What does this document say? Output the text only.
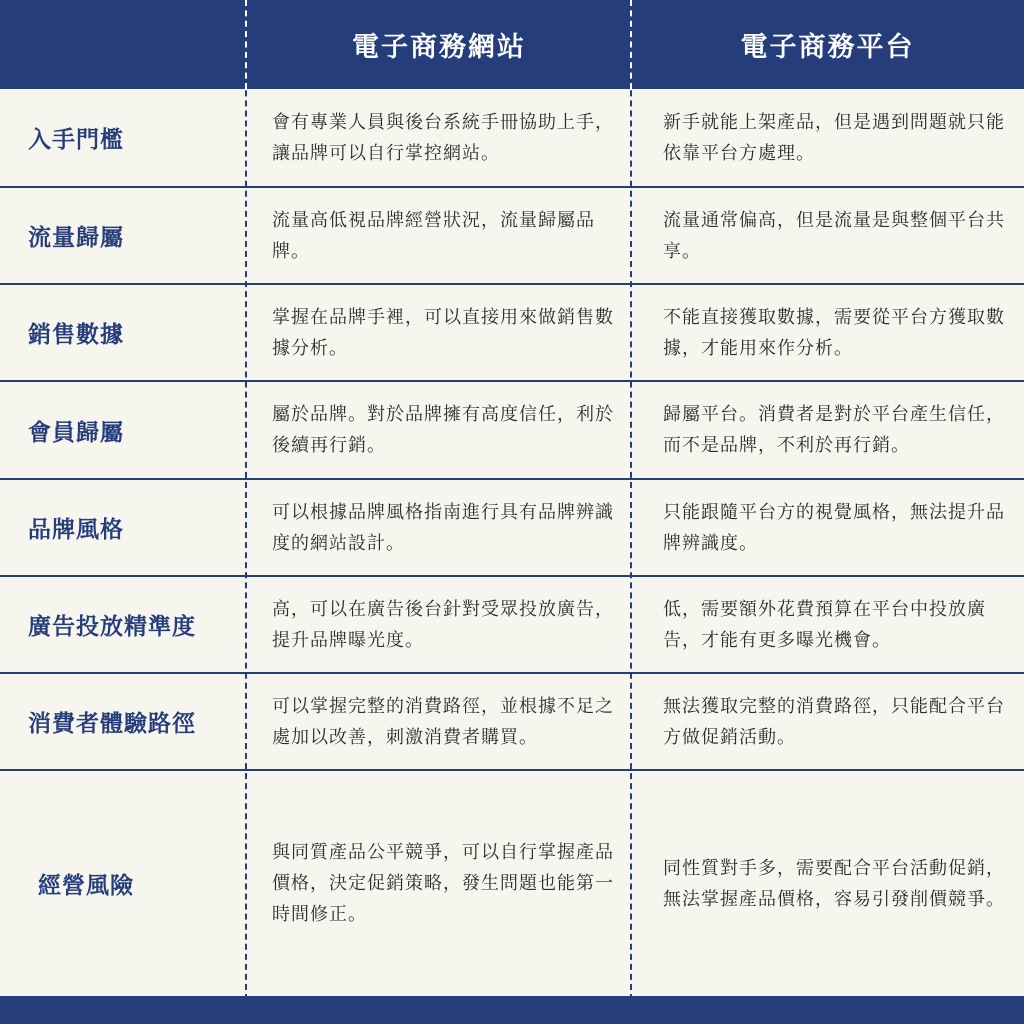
電子商務網站	電子商務平台
入手門檻
會有專業人員與後台系統手冊協助上手，讓品牌可以自行掌控網站。
新手就能上架產品，但是遇到問題就只能依靠平台方處理。
流量歸屬
流量高低視品牌經營狀況，流量歸屬品牌。
流量通常偏高，但是流量是與整個平台共享。
銷售數據
掌握在品牌手裡，可以直接用來做銷售數據分析。
不能直接獲取數據，需要從平台方獲取數據，才能用來作分析。
會員歸屬
屬於品牌。對於品牌擁有高度信任，利於後續再行銷。
歸屬平台。消費者是對於平台產生信任，而不是品牌，不利於再行銷。
品牌風格
可以根據品牌風格指南進行具有品牌辨識度的網站設計。
只能跟隨平台方的視覺風格，無法提升品牌辨識度。
廣告投放精準度
高，可以在廣告後台針對受眾投放廣告，提升品牌曝光度。
低，需要額外花費預算在平台中投放廣告，才能有更多曝光機會。
消費者體驗路徑
可以掌握完整的消費路徑，並根據不足之處加以改善，刺激消費者購買。
無法獲取完整的消費路徑，只能配合平台方做促銷活動。
經營風險
與同質產品公平競爭，可以自行掌握產品價格，決定促銷策略，發生問題也能第一時間修正。
同性質對手多，需要配合平台活動促銷，無法掌握產品價格，容易引發削價競爭。
